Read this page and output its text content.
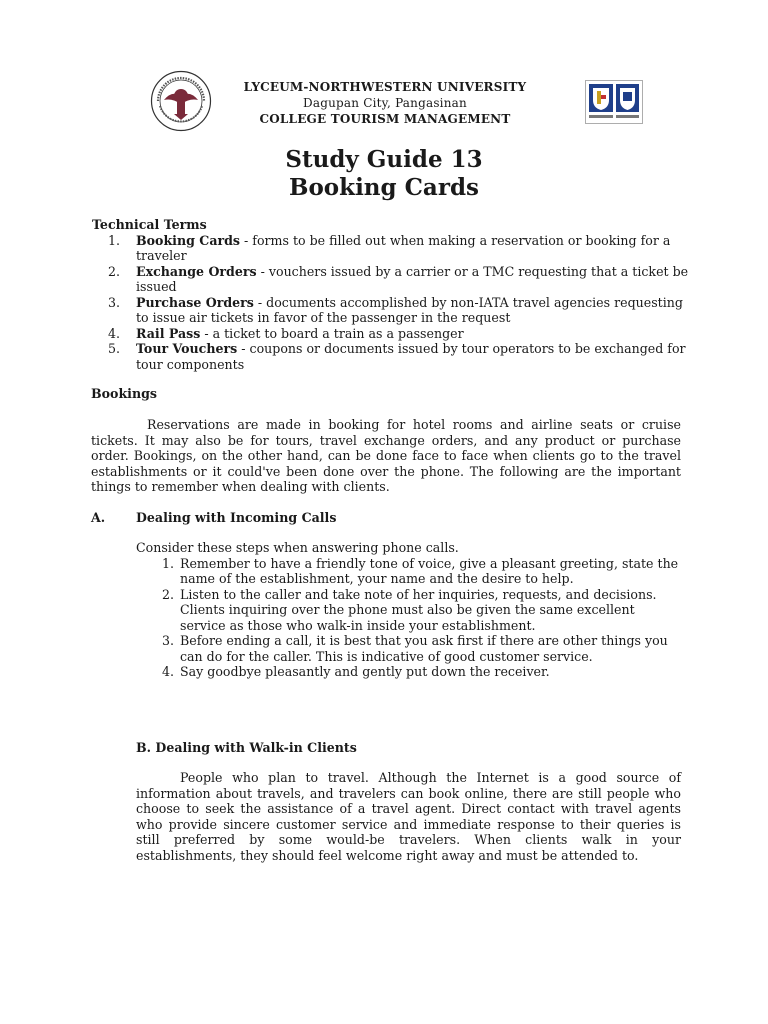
LYCEUM-NORTHWESTERN UNIVERSITY
Dagupan City, Pangasinan
COLLEGE TOURISM MANAGEMENT
Study Guide 13
Booking Cards
Technical Terms
1. Booking Cards - forms to be filled out when making a reservation or booking for a traveler
2. Exchange Orders - vouchers issued by a carrier or a TMC requesting that a ticket be issued
3. Purchase Orders - documents accomplished by non-IATA travel agencies requesting to issue air tickets in favor of the passenger in the request
4. Rail Pass - a ticket to board a train as a passenger
5. Tour Vouchers - coupons or documents issued by tour operators to be exchanged for tour components
Bookings
Reservations are made in booking for hotel rooms and airline seats or cruise tickets. It may also be for tours, travel exchange orders, and any product or purchase order. Bookings, on the other hand, can be done face to face when clients go to the travel establishments or it could've been done over the phone. The following are the important things to remember when dealing with clients.
A. Dealing with Incoming Calls
Consider these steps when answering phone calls.
1. Remember to have a friendly tone of voice, give a pleasant greeting, state the name of the establishment, your name and the desire to help.
2. Listen to the caller and take note of her inquiries, requests, and decisions. Clients inquiring over the phone must also be given the same excellent service as those who walk-in inside your establishment.
3. Before ending a call, it is best that you ask first if there are other things you can do for the caller. This is indicative of good customer service.
4. Say goodbye pleasantly and gently put down the receiver.
B. Dealing with Walk-in Clients
People who plan to travel. Although the Internet is a good source of information about travels, and travelers can book online, there are still people who choose to seek the assistance of a travel agent. Direct contact with travel agents who provide sincere customer service and immediate response to their queries is still preferred by some would-be travelers. When clients walk in your establishments, they should feel welcome right away and must be attended to.
